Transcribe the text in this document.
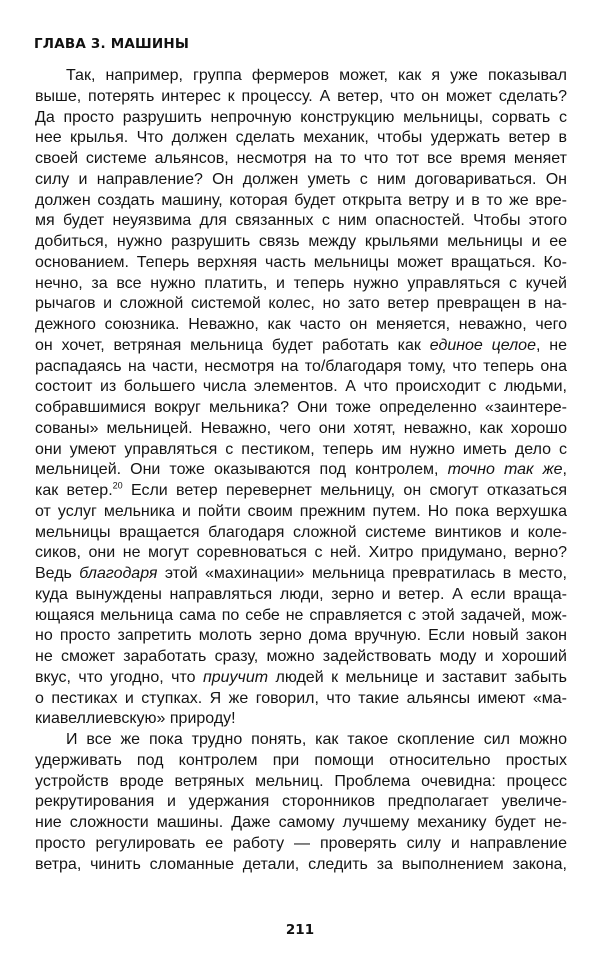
ГЛАВА 3. МАШИНЫ
Так, например, группа фермеров может, как я уже показывал
выше, потерять интерес к процессу. А ветер, что он может сделать?
Да просто разрушить непрочную конструкцию мельницы, сорвать с
нее крылья. Что должен сделать механик, чтобы удержать ветер в
своей системе альянсов, несмотря на то что тот все время меняет
силу и направление? Он должен уметь с ним договариваться. Он
должен создать машину, которая будет открыта ветру и в то же вре-
мя будет неуязвима для связанных с ним опасностей. Чтобы этого
добиться, нужно разрушить связь между крыльями мельницы и ее
основанием. Теперь верхняя часть мельницы может вращаться. Ко-
нечно, за все нужно платить, и теперь нужно управляться с кучей
рычагов и сложной системой колес, но зато ветер превращен в на-
дежного союзника. Неважно, как часто он меняется, неважно, чего
он хочет, ветряная мельница будет работать как единое целое, не
распадаясь на части, несмотря на то/благодаря тому, что теперь она
состоит из большего числа элементов. А что происходит с людьми,
собравшимися вокруг мельника? Они тоже определенно «заинтере-
сованы» мельницей. Неважно, чего они хотят, неважно, как хорошо
они умеют управляться с пестиком, теперь им нужно иметь дело с
мельницей. Они тоже оказываются под контролем, точно так же,
как ветер.$^{20}$ Если ветер перевернет мельницу, он смогут отказаться
от услуг мельника и пойти своим прежним путем. Но пока верхушка
мельницы вращается благодаря сложной системе винтиков и коле-
сиков, они не могут соревноваться с ней. Хитро придумано, верно?
Ведь благодаря этой «махинации» мельница превратилась в место,
куда вынуждены направляться люди, зерно и ветер. А если враща-
ющаяся мельница сама по себе не справляется с этой задачей, мож-
но просто запретить молоть зерно дома вручную. Если новый закон
не сможет заработать сразу, можно задействовать моду и хороший
вкус, что угодно, что приучит людей к мельнице и заставит забыть
о пестиках и ступках. Я же говорил, что такие альянсы имеют «ма-
киавеллиевскую» природу!
И все же пока трудно понять, как такое скопление сил можно
удерживать под контролем при помощи относительно простых
устройств вроде ветряных мельниц. Проблема очевидна: процесс
рекрутирования и удержания сторонников предполагает увеличе-
ние сложности машины. Даже самому лучшему механику будет не-
просто регулировать ее работу — проверять силу и направление
ветра, чинить сломанные детали, следить за выполнением закона,
211
